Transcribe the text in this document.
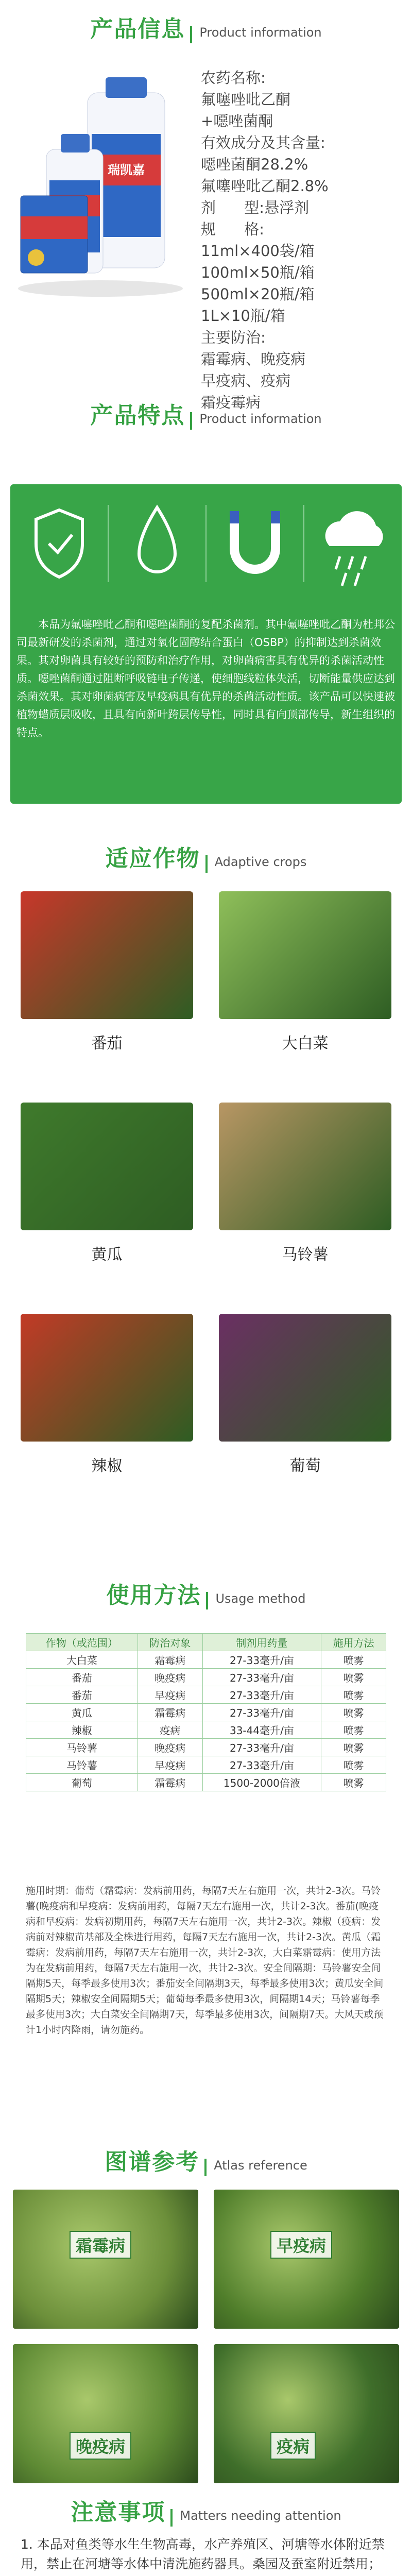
产品信息 Product information
瑞凯嘉
农药名称:
氟噻唑吡乙酮
+噁唑菌酮
有效成分及其含量:
噁唑菌酮28.2%
氟噻唑吡乙酮2.8%
剂      型: 悬浮剂
规      格:
11ml×400袋/箱
100ml×50瓶/箱
500ml×20瓶/箱
1L×10瓶/箱
主要防治:
霜霉病、晚疫病
早疫病、疫病
霜疫霉病
产品特点 Product information
本品为氟噻唑吡乙酮和噁唑菌酮的复配杀菌剂。其中氟噻唑吡乙酮为杜邦公司最新研发的杀菌剂，通过对氧化固醇结合蛋白（OSBP）的抑制达到杀菌效果。其对卵菌具有较好的预防和治疗作用，对卵菌病害具有优异的杀菌活动性质。噁唑菌酮通过阻断呼吸链电子传递，使细胞线粒体失活，切断能量供应达到杀菌效果。其对卵菌病害及早疫病具有优异的杀菌活动性质。该产品可以快速被植物蜡质层吸收，且具有向新叶跨层传导性，同时具有向顶部传导，新生组织的特点。
适应作物 Adaptive crops
番茄	大白菜
黄瓜	马铃薯
辣椒	葡萄
使用方法 Usage method
作物（或范围）	防治对象	制剂用药量	施用方法
大白菜	霜霉病	27-33毫升/亩	喷雾
番茄	晚疫病	27-33毫升/亩	喷雾
番茄	早疫病	27-33毫升/亩	喷雾
黄瓜	霜霉病	27-33毫升/亩	喷雾
辣椒	疫病	33-44毫升/亩	喷雾
马铃薯	晚疫病	27-33毫升/亩	喷雾
马铃薯	早疫病	27-33毫升/亩	喷雾
葡萄	霜霉病	1500-2000倍液	喷雾
施用时期：葡萄（霜霉病：发病前用药，每隔7天左右施用一次，共计2-3次。马铃薯(晚疫病和早疫病：发病前用药，每隔7天左右施用一次，共计2-3次。番茄(晚疫病和早疫病：发病初期用药，每隔7天左右施用一次，共计2-3次。辣椒（疫病：发病前对辣椒苗基部及全株进行用药，每隔7天左右施用一次，共计2-3次。黄瓜（霜霉病：发病前用药，每隔7天左右施用一次，共计2-3次，大白菜霜霉病：使用方法为在发病前用药，每隔7天左右施用一次，共计2-3次。安全间隔期：马铃薯安全间隔期5天，每季最多使用3次；番茄安全间隔期3天，每季最多使用3次；黄瓜安全间隔期5天；辣椒安全间隔期5天；葡萄每季最多使用3次，间隔期14天；马铃薯每季最多使用3次；大白菜安全间隔期7天，每季最多使用3次，间隔期7天。大风天或预计1小时内降雨，请勿施药。
图谱参考 Atlas reference
霜霉病	早疫病
晚疫病	疫病
注意事项 Matters needing attention
1. 本品对鱼类等水生生物高毒，水产养殖区、河塘等水体附近禁用，禁止在河塘等水体中清洗施药器具。桑园及蚕室附近禁用；
